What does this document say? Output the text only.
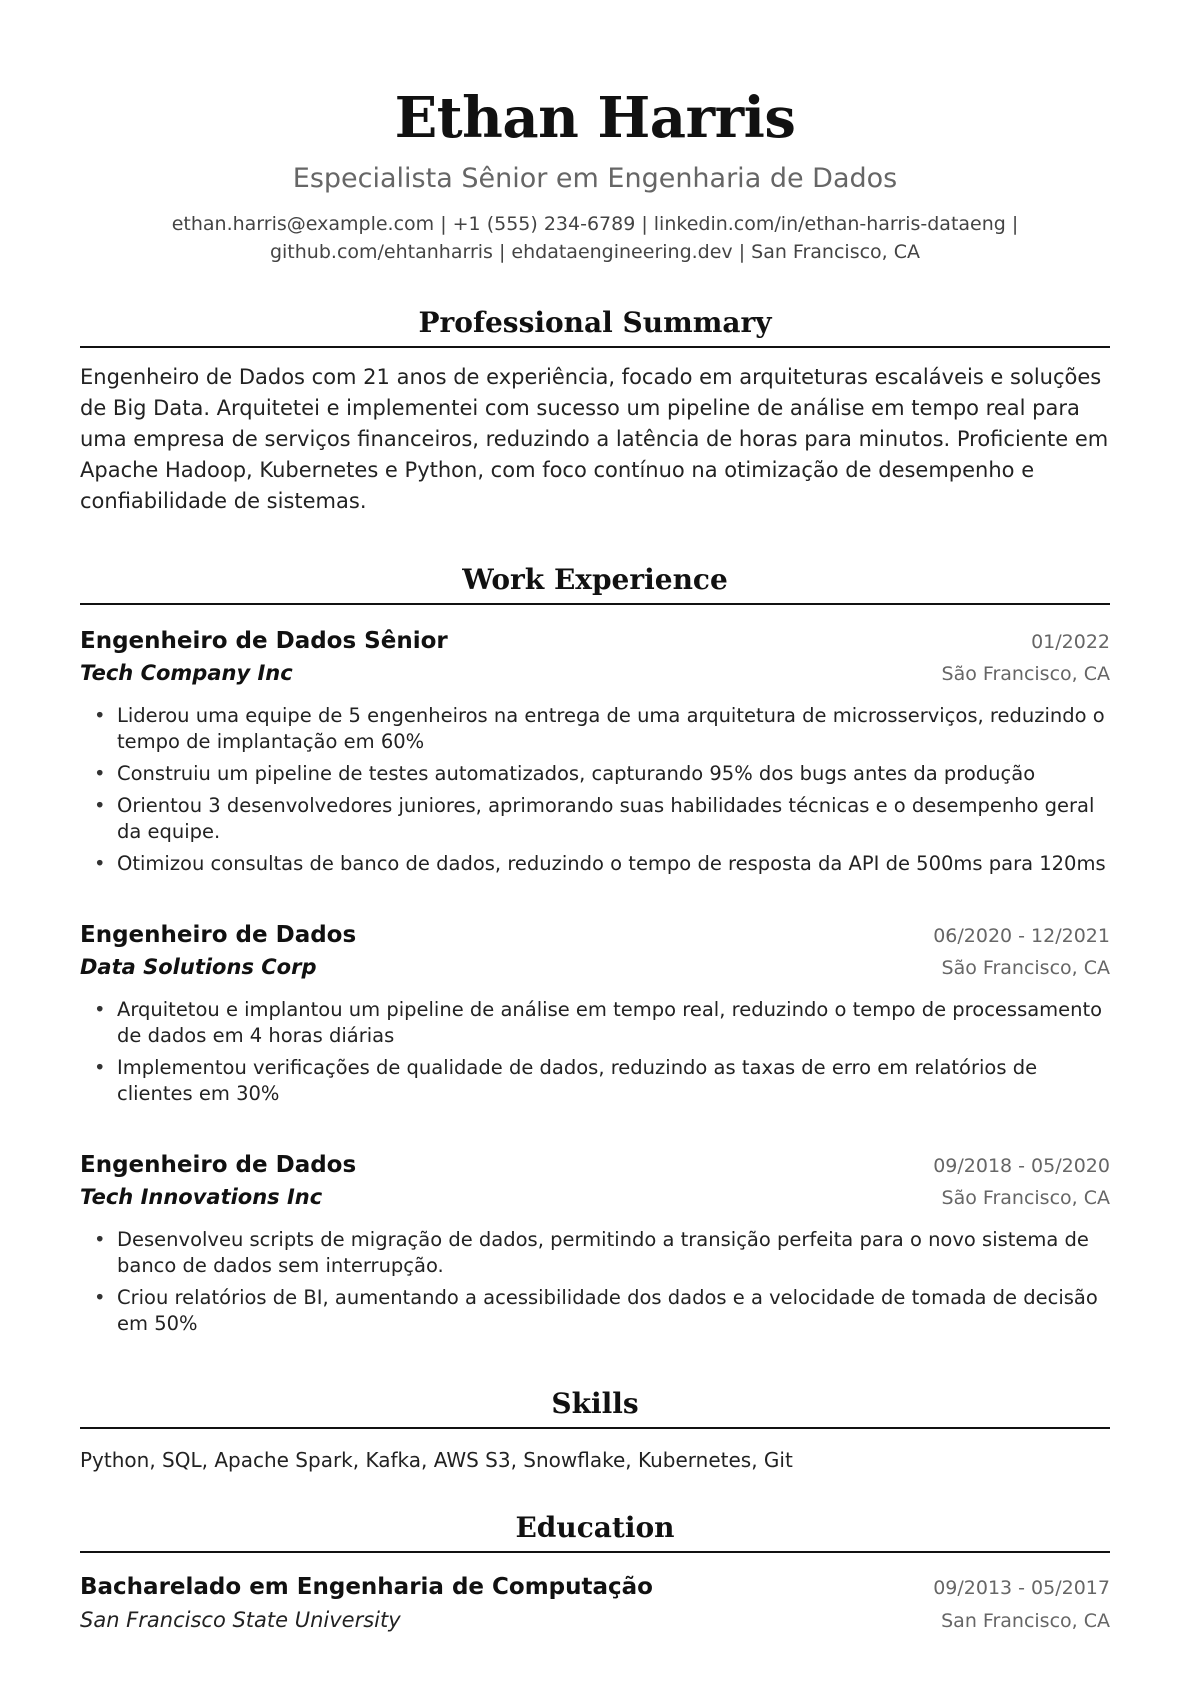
Ethan Harris
Especialista Sênior em Engenharia de Dados
ethan.harris@example.com | +1 (555) 234-6789 | linkedin.com/in/ethan-harris-dataeng |
github.com/ehtanharris | ehdataengineering.dev | San Francisco, CA
Professional Summary

Engenheiro de Dados com 21 anos de experiência, focado em arquiteturas escaláveis e soluções de Big Data. Arquitetei e implementei com sucesso um pipeline de análise em tempo real para uma empresa de serviços financeiros, reduzindo a latência de horas para minutos. Proficiente em Apache Hadoop, Kubernetes e Python, com foco contínuo na otimização de desempenho e confiabilidade de sistemas.

Work Experience
Engenheiro de Dados Sênior	01/2022
Tech Company Inc	São Francisco, CA
• Liderou uma equipe de 5 engenheiros na entrega de uma arquitetura de microsserviços, reduzindo o tempo de implantação em 60%
• Construiu um pipeline de testes automatizados, capturando 95% dos bugs antes da produção
• Orientou 3 desenvolvedores juniores, aprimorando suas habilidades técnicas e o desempenho geral da equipe.
• Otimizou consultas de banco de dados, reduzindo o tempo de resposta da API de 500ms para 120ms
Engenheiro de Dados	06/2020 - 12/2021
Data Solutions Corp	São Francisco, CA
• Arquitetou e implantou um pipeline de análise em tempo real, reduzindo o tempo de processamento de dados em 4 horas diárias
• Implementou verificações de qualidade de dados, reduzindo as taxas de erro em relatórios de clientes em 30%
Engenheiro de Dados	09/2018 - 05/2020
Tech Innovations Inc	São Francisco, CA
• Desenvolveu scripts de migração de dados, permitindo a transição perfeita para o novo sistema de banco de dados sem interrupção.
• Criou relatórios de BI, aumentando a acessibilidade dos dados e a velocidade de tomada de decisão em 50%
Skills

Python, SQL, Apache Spark, Kafka, AWS S3, Snowflake, Kubernetes, Git

Education
Bacharelado em Engenharia de Computação	09/2013 - 05/2017
San Francisco State University	San Francisco, CA
